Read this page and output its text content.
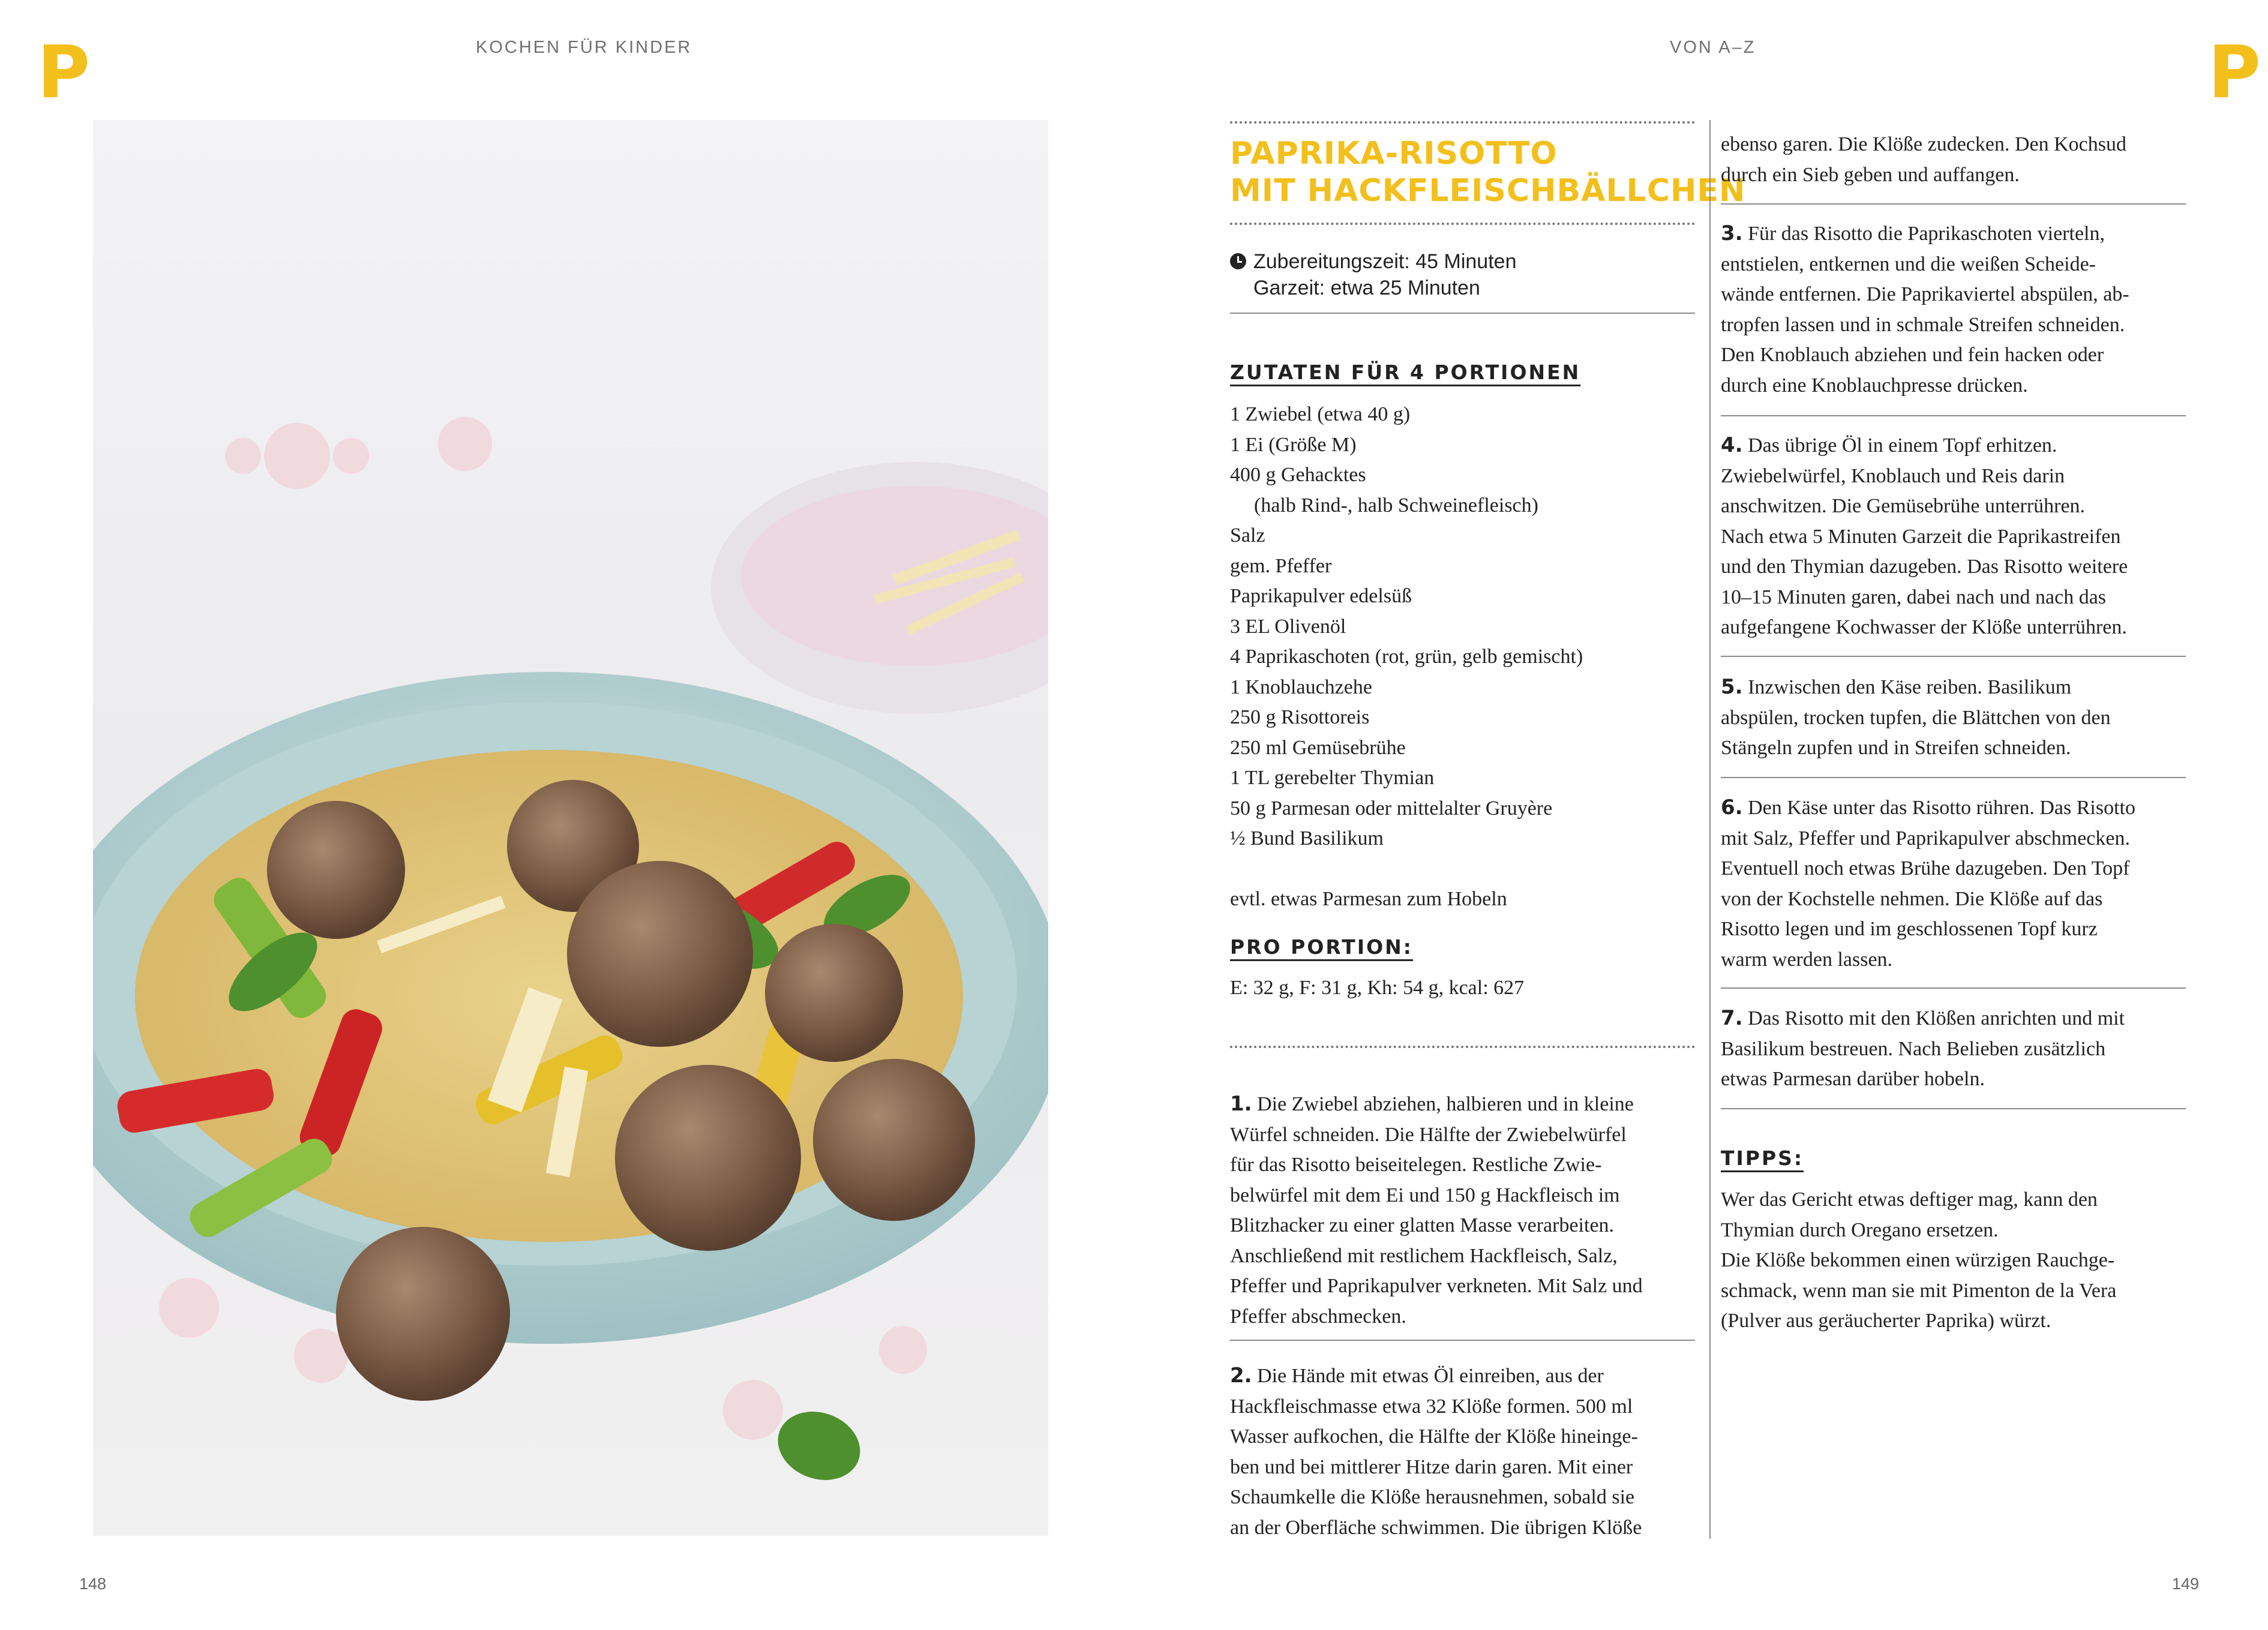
P	KOCHEN FÜR KINDER	VON A–Z	P
PAPRIKA-RISOTTO
MIT HACKFLEISCHBÄLLCHEN
Zubereitungszeit: 45 Minuten
Garzeit: etwa 25 Minuten
ZUTATEN FÜR 4 PORTIONEN
1 Zwiebel (etwa 40 g)
1 Ei (Größe M)
400 g Gehacktes
(halb Rind-, halb Schweinefleisch)
Salz
gem. Pfeffer
Paprikapulver edelsüß
3 EL Olivenöl
4 Paprikaschoten (rot, grün, gelb gemischt)
1 Knoblauchzehe
250 g Risottoreis
250 ml Gemüsebrühe
1 TL gerebelter Thymian
50 g Parmesan oder mittelalter Gruyère
½ Bund Basilikum
evtl. etwas Parmesan zum Hobeln
PRO PORTION:
E: 32 g, F: 31 g, Kh: 54 g, kcal: 627
1. Die Zwiebel abziehen, halbieren und in kleine
Würfel schneiden. Die Hälfte der Zwiebelwürfel
für das Risotto beiseitelegen. Restliche Zwie-
belwürfel mit dem Ei und 150 g Hackfleisch im
Blitzhacker zu einer glatten Masse verarbeiten.
Anschließend mit restlichem Hackfleisch, Salz,
Pfeffer und Paprikapulver verkneten. Mit Salz und
Pfeffer abschmecken.
2. Die Hände mit etwas Öl einreiben, aus der
Hackfleischmasse etwa 32 Klöße formen. 500 ml
Wasser aufkochen, die Hälfte der Klöße hineinge-
ben und bei mittlerer Hitze darin garen. Mit einer
Schaumkelle die Klöße herausnehmen, sobald sie
an der Oberfläche schwimmen. Die übrigen Klöße
ebenso garen. Die Klöße zudecken. Den Kochsud
durch ein Sieb geben und auffangen.
3. Für das Risotto die Paprikaschoten vierteln,
entstielen, entkernen und die weißen Scheide-
wände entfernen. Die Paprikaviertel abspülen, ab-
tropfen lassen und in schmale Streifen schneiden.
Den Knoblauch abziehen und fein hacken oder
durch eine Knoblauchpresse drücken.
4. Das übrige Öl in einem Topf erhitzen.
Zwiebelwürfel, Knoblauch und Reis darin
anschwitzen. Die Gemüsebrühe unterrühren.
Nach etwa 5 Minuten Garzeit die Paprikastreifen
und den Thymian dazugeben. Das Risotto weitere
10–15 Minuten garen, dabei nach und nach das
aufgefangene Kochwasser der Klöße unterrühren.
5. Inzwischen den Käse reiben. Basilikum
abspülen, trocken tupfen, die Blättchen von den
Stängeln zupfen und in Streifen schneiden.
6. Den Käse unter das Risotto rühren. Das Risotto
mit Salz, Pfeffer und Paprikapulver abschmecken.
Eventuell noch etwas Brühe dazugeben. Den Topf
von der Kochstelle nehmen. Die Klöße auf das
Risotto legen und im geschlossenen Topf kurz
warm werden lassen.
7. Das Risotto mit den Klößen anrichten und mit
Basilikum bestreuen. Nach Belieben zusätzlich
etwas Parmesan darüber hobeln.
TIPPS:
Wer das Gericht etwas deftiger mag, kann den
Thymian durch Oregano ersetzen.
Die Klöße bekommen einen würzigen Rauchge-
schmack, wenn man sie mit Pimenton de la Vera
(Pulver aus geräucherter Paprika) würzt.
148	149
